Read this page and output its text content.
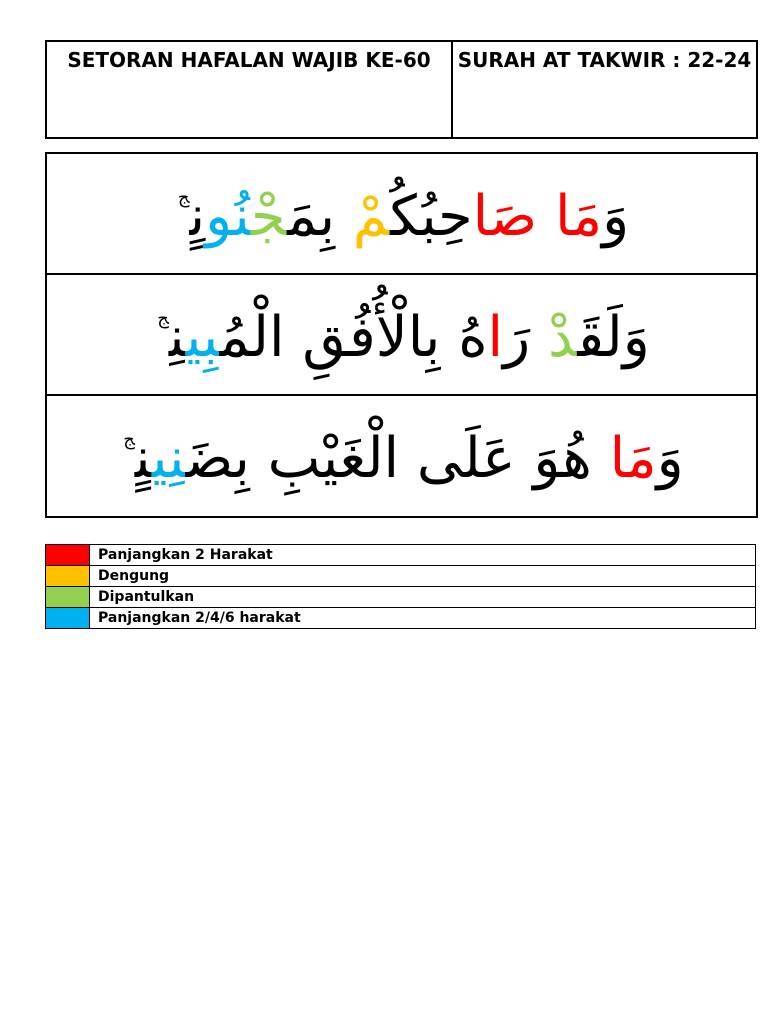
SETORAN HAFALAN WAJIB KE-60	SURAH AT TAKWIR : 22-24
وَمَا صَاحِبُكُمْ بِمَجْنُونٍ$^ج$
وَلَقَدْ رَاهُ بِالْأُفُقِ الْمُبِينِ$^ج$
وَمَا هُوَ عَلَى الْغَيْبِ بِضَنِينٍ$^ج$
	Panjangkan 2 Harakat
	Dengung
	Dipantulkan
	Panjangkan 2/4/6 harakat
